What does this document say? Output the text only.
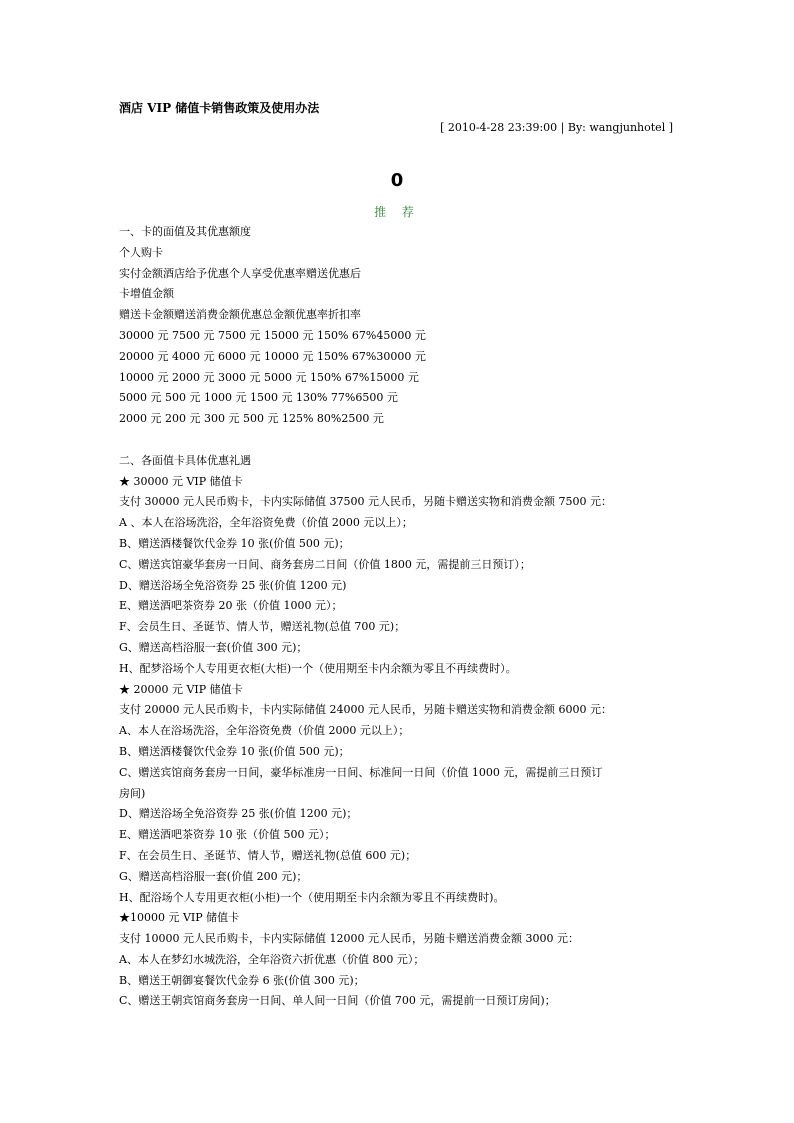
酒店 VIP 储值卡销售政策及使用办法
[ 2010-4-28 23:39:00 | By: wangjunhotel ]
0
推 荐
一、卡的面值及其优惠额度
个人购卡
实付金额酒店给予优惠个人享受优惠率赠送优惠后
卡增值金额
赠送卡金额赠送消费金额优惠总金额优惠率折扣率
30000 元 7500 元 7500 元 15000 元 150% 67%45000 元
20000 元 4000 元 6000 元 10000 元 150% 67%30000 元
10000 元 2000 元 3000 元 5000 元 150% 67%15000 元
5000 元 500 元 1000 元 1500 元 130% 77%6500 元
2000 元 200 元 300 元 500 元 125% 80%2500 元
二、各面值卡具体优惠礼遇
★ 30000 元 VIP 储值卡
支付 30000 元人民币购卡，卡内实际储值 37500 元人民币，另随卡赠送实物和消费金额 7500 元：
A 、本人在浴场洗浴，全年浴资免费（价值 2000 元以上）；
B、赠送酒楼餐饮代金券 10 张(价值 500 元)；
C、赠送宾馆豪华套房一日间、商务套房二日间（价值 1800 元，需提前三日预订）；
D、赠送浴场全免浴资券 25 张(价值 1200 元)
E、赠送酒吧茶资券 20 张（价值 1000 元）；
F、会员生日、圣诞节、情人节，赠送礼物(总值 700 元)；
G、赠送高档浴服一套(价值 300 元)；
H、配梦浴场个人专用更衣柜(大柜)一个（使用期至卡内余额为零且不再续费时）。
★ 20000 元 VIP 储值卡
支付 20000 元人民币购卡，卡内实际储值 24000 元人民币，另随卡赠送实物和消费金额 6000 元：
A、本人在浴场洗浴，全年浴资免费（价值 2000 元以上）；
B、赠送酒楼餐饮代金券 10 张(价值 500 元)；
C、赠送宾馆商务套房一日间，豪华标准房一日间、标准间一日间（价值 1000 元，需提前三日预订
房间)
D、赠送浴场全免浴资券 25 张(价值 1200 元)；
E、赠送酒吧茶资券 10 张（价值 500 元）；
F、在会员生日、圣诞节、情人节，赠送礼物(总值 600 元)；
G、赠送高档浴服一套(价值 200 元)；
H、配浴场个人专用更衣柜(小柜)一个（使用期至卡内余额为零且不再续费时)。
★10000 元 VIP 储值卡
支付 10000 元人民币购卡，卡内实际储值 12000 元人民币，另随卡赠送消费金额 3000 元：
A、本人在梦幻水城洗浴，全年浴资六折优惠（价值 800 元）；
B、赠送王朝御宴餐饮代金券 6 张(价值 300 元)；
C、赠送王朝宾馆商务套房一日间、单人间一日间（价值 700 元，需提前一日预订房间)；
